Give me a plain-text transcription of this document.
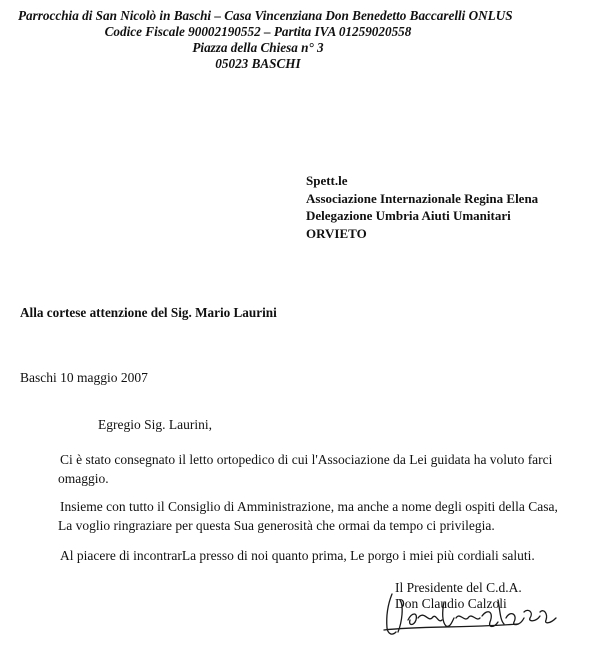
Parrocchia di San Nicolò in Baschi – Casa Vincenziana Don Benedetto Baccarelli ONLUS
Codice Fiscale 90002190552 – Partita IVA 01259020558
Piazza della Chiesa n° 3
05023 BASCHI
Spett.le
Associazione Internazionale Regina Elena
Delegazione Umbria Aiuti Umanitari
ORVIETO
Alla cortese attenzione del Sig. Mario Laurini
Baschi 10 maggio 2007
Egregio Sig. Laurini,
Ci è stato consegnato il letto ortopedico di cui l'Associazione da Lei guidata ha voluto farci
omaggio.
Insieme con tutto il Consiglio di Amministrazione, ma anche a nome degli ospiti della Casa,
La voglio ringraziare per questa Sua generosità che ormai da tempo ci privilegia.
Al piacere di incontrarLa presso di noi quanto prima, Le porgo i miei più cordiali saluti.
Il Presidente del C.d.A.
Don Claudio Calzoli
